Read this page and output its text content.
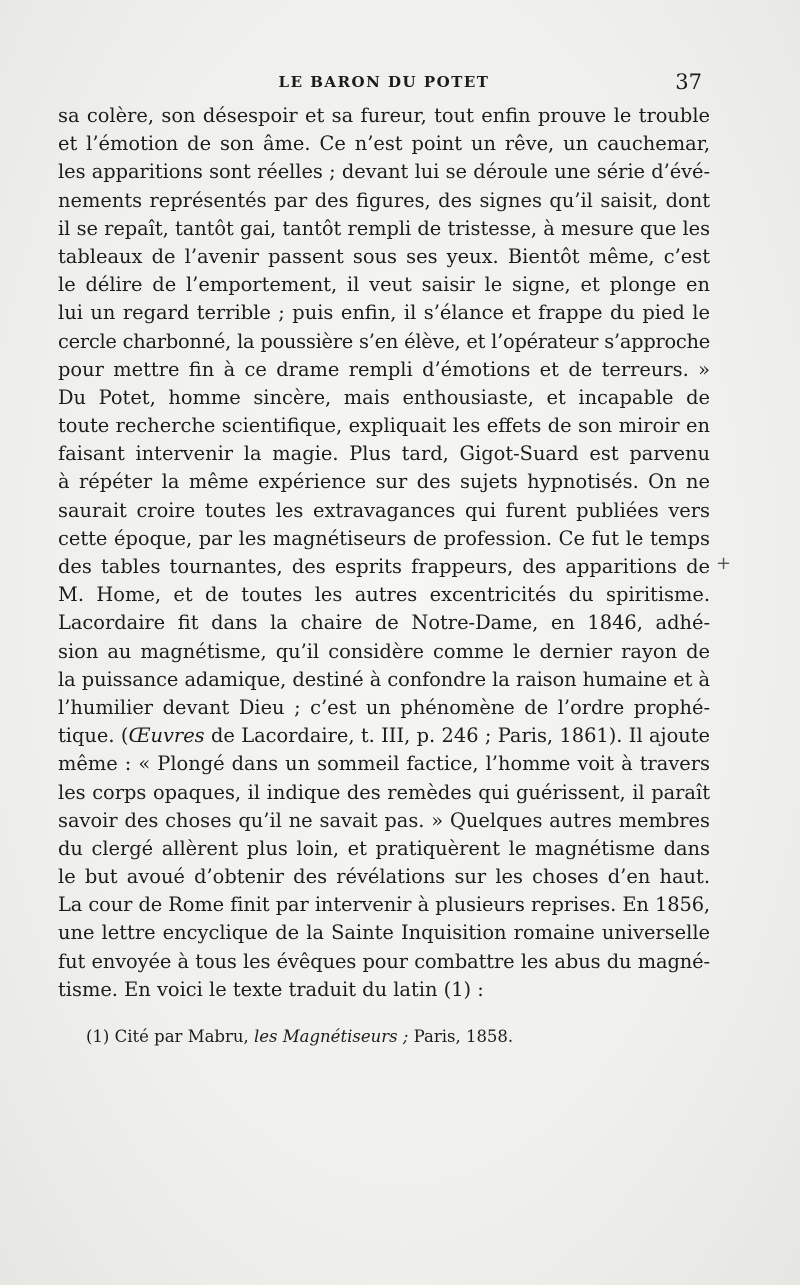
LE BARON DU POTET	37
sa colère, son désespoir et sa fureur, tout enfin prouve le trouble
et l’émotion de son âme. Ce n’est point un rêve, un cauchemar,
les apparitions sont réelles ; devant lui se déroule une série d’évé-
nements représentés par des figures, des signes qu’il saisit, dont
il se repaît, tantôt gai, tantôt rempli de tristesse, à mesure que les
tableaux de l’avenir passent sous ses yeux. Bientôt même, c’est
le délire de l’emportement, il veut saisir le signe, et plonge en
lui un regard terrible ; puis enfin, il s’élance et frappe du pied le
cercle charbonné, la poussière s’en élève, et l’opérateur s’approche
pour mettre fin à ce drame rempli d’émotions et de terreurs. »
Du Potet, homme sincère, mais enthousiaste, et incapable de
toute recherche scientifique, expliquait les effets de son miroir en
faisant intervenir la magie. Plus tard, Gigot-Suard est parvenu
à répéter la même expérience sur des sujets hypnotisés. On ne
saurait croire toutes les extravagances qui furent publiées vers
cette époque, par les magnétiseurs de profession. Ce fut le temps
des tables tournantes, des esprits frappeurs, des apparitions de
M. Home, et de toutes les autres excentricités du spiritisme.
Lacordaire fit dans la chaire de Notre-Dame, en 1846, adhé-
sion au magnétisme, qu’il considère comme le dernier rayon de
la puissance adamique, destiné à confondre la raison humaine et à
l’humilier devant Dieu ; c’est un phénomène de l’ordre prophé-
tique. (Œuvres de Lacordaire, t. III, p. 246 ; Paris, 1861). Il ajoute
même : « Plongé dans un sommeil factice, l’homme voit à travers
les corps opaques, il indique des remèdes qui guérissent, il paraît
savoir des choses qu’il ne savait pas. » Quelques autres membres
du clergé allèrent plus loin, et pratiquèrent le magnétisme dans
le but avoué d’obtenir des révélations sur les choses d’en haut.
La cour de Rome finit par intervenir à plusieurs reprises. En 1856,
une lettre encyclique de la Sainte Inquisition romaine universelle
fut envoyée à tous les évêques pour combattre les abus du magné-
tisme. En voici le texte traduit du latin (1) :
(1) Cité par Mabru, les Magnétiseurs ; Paris, 1858.
+
